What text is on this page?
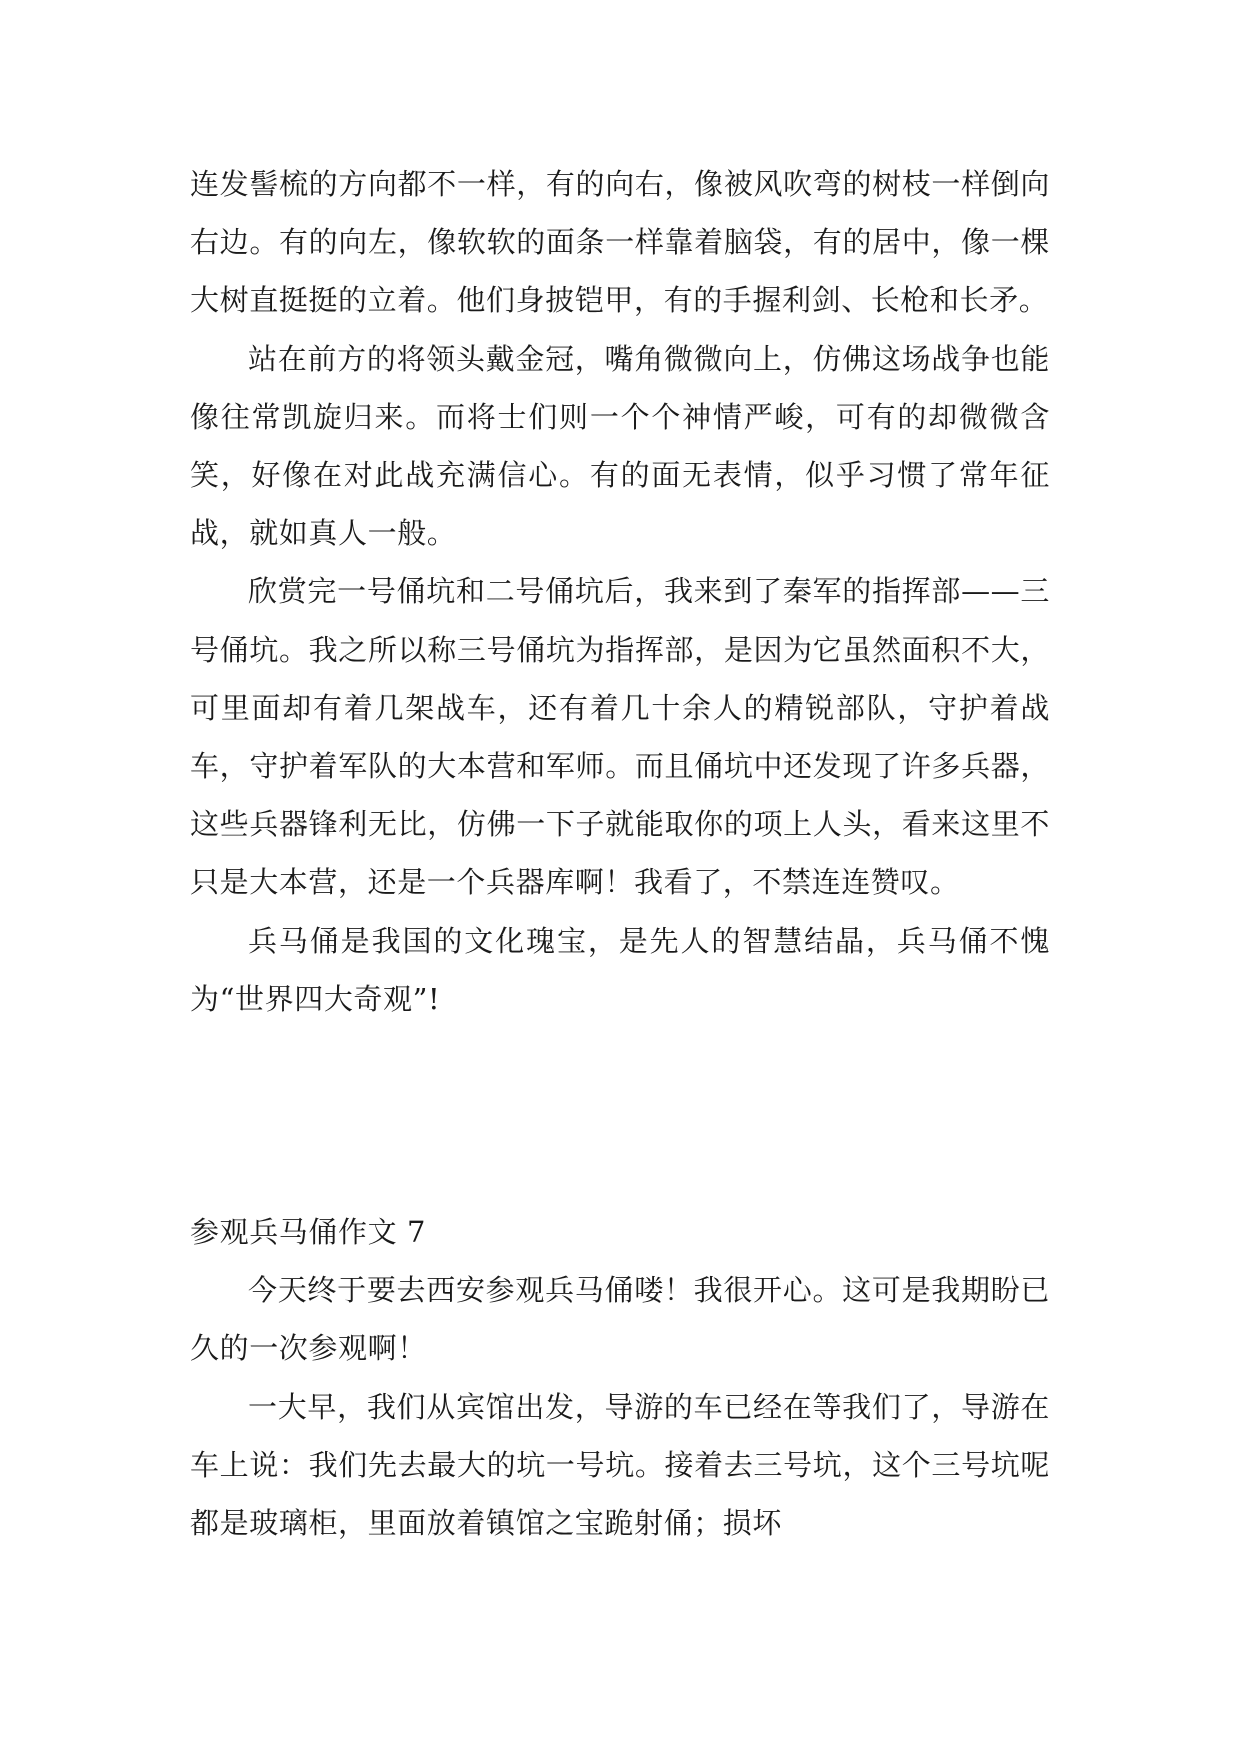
连发髻梳的方向都不一样，有的向右，像被风吹弯的树枝一样倒向右边。有的向左，像软软的面条一样靠着脑袋，有的居中，像一棵大树直挺挺的立着。他们身披铠甲，有的手握利剑、长枪和长矛。

站在前方的将领头戴金冠，嘴角微微向上，仿佛这场战争也能像往常凯旋归来。而将士们则一个个神情严峻，可有的却微微含笑，好像在对此战充满信心。有的面无表情，似乎习惯了常年征战，就如真人一般。

欣赏完一号俑坑和二号俑坑后，我来到了秦军的指挥部——三号俑坑。我之所以称三号俑坑为指挥部，是因为它虽然面积不大，可里面却有着几架战车，还有着几十余人的精锐部队，守护着战车，守护着军队的大本营和军师。而且俑坑中还发现了许多兵器，这些兵器锋利无比，仿佛一下子就能取你的项上人头，看来这里不只是大本营，还是一个兵器库啊！我看了，不禁连连赞叹。

兵马俑是我国的文化瑰宝，是先人的智慧结晶，兵马俑不愧为“世界四大奇观”!

参观兵马俑作文 7

今天终于要去西安参观兵马俑喽！我很开心。这可是我期盼已久的一次参观啊！

一大早，我们从宾馆出发，导游的车已经在等我们了，导游在车上说：我们先去最大的坑一号坑。接着去三号坑，这个三号坑呢都是玻璃柜，里面放着镇馆之宝跪射俑；损坏
